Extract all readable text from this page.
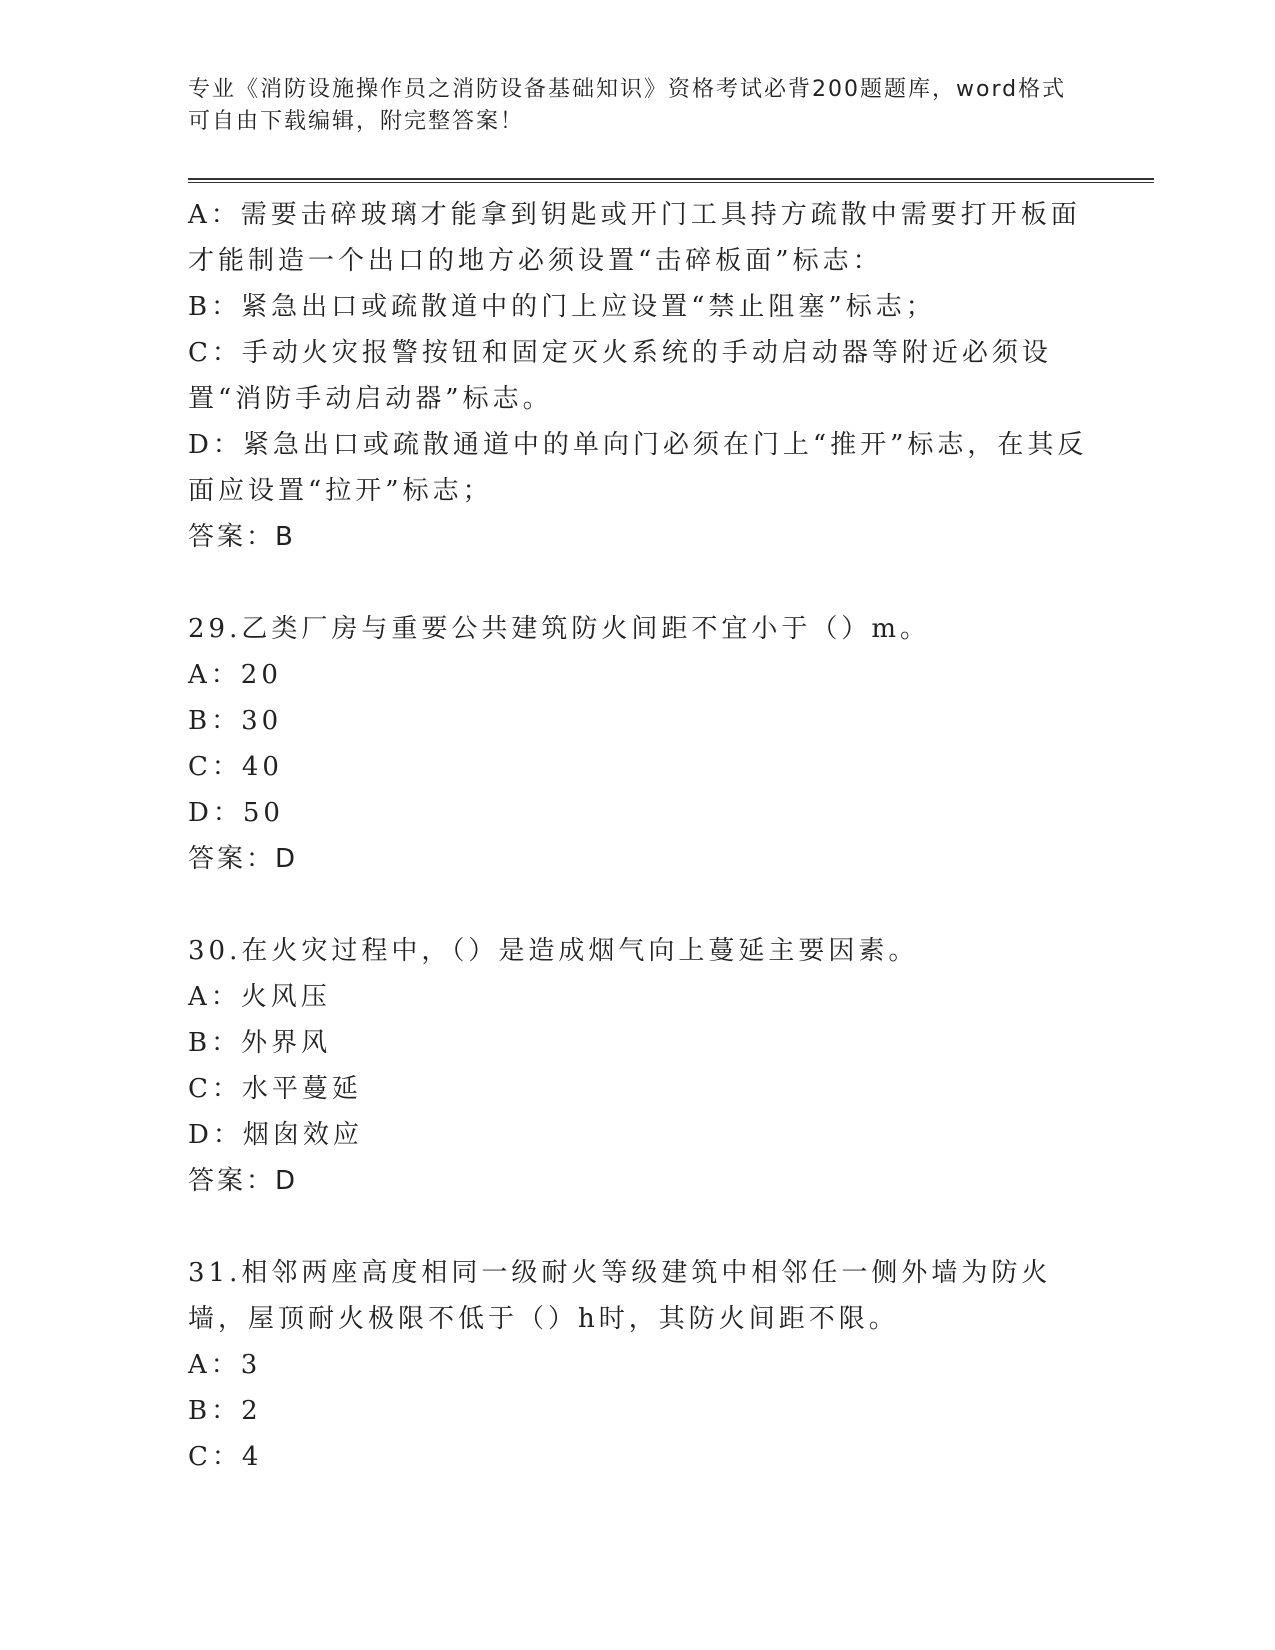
专业《消防设施操作员之消防设备基础知识》资格考试必背200题题库，word格式可自由下载编辑，附完整答案！

A：需要击碎玻璃才能拿到钥匙或开门工具持方疏散中需要打开板面才能制造一个出口的地方必须设置“击碎板面”标志：

B：紧急出口或疏散道中的门上应设置“禁止阻塞”标志；

C：手动火灾报警按钮和固定灭火系统的手动启动器等附近必须设置“消防手动启动器”标志。

D：紧急出口或疏散通道中的单向门必须在门上“推开”标志，在其反面应设置“拉开”标志；

答案：B

29.乙类厂房与重要公共建筑防火间距不宜小于（）m。

A：20

B：30

C：40

D：50

答案：D

30.在火灾过程中，（）是造成烟气向上蔓延主要因素。

A：火风压

B：外界风

C：水平蔓延

D：烟囱效应

答案：D

31.相邻两座高度相同一级耐火等级建筑中相邻任一侧外墙为防火墙，屋顶耐火极限不低于（）h时，其防火间距不限。

A：3

B：2

C：4
